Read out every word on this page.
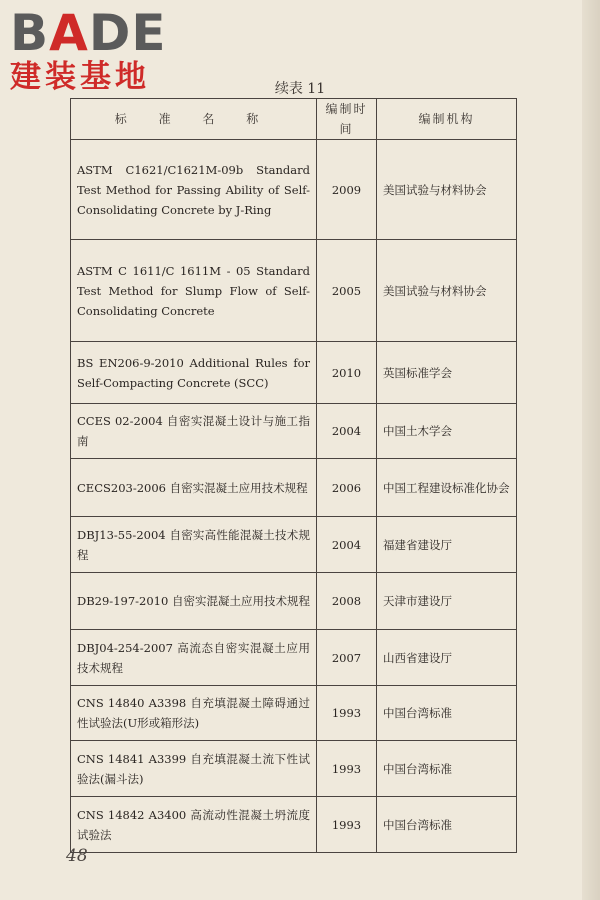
BADE
建装基地	续表 11
标 准 名 称	编制时间	编制机构
ASTM C1621/C1621M-09b Standard Test Method for Passing Ability of Self-Consolidating Concrete by J-Ring	2009	美国试验与材料协会
ASTM C 1611/C 1611M - 05 Standard Test Method for Slump Flow of Self-Consolidating Concrete	2005	美国试验与材料协会
BS EN206-9-2010 Additional Rules for Self-Compacting Concrete (SCC)	2010	英国标准学会
CCES 02-2004 自密实混凝土设计与施工指南	2004	中国土木学会
CECS203-2006 自密实混凝土应用技术规程	2006	中国工程建设标准化协会
DBJ13-55-2004 自密实高性能混凝土技术规程	2004	福建省建设厅
DB29-197-2010 自密实混凝土应用技术规程	2008	天津市建设厅
DBJ04-254-2007 高流态自密实混凝土应用技术规程	2007	山西省建设厅
CNS 14840 A3398 自充填混凝土障碍通过性试验法(U形或箱形法)	1993	中国台湾标准
CNS 14841 A3399 自充填混凝土流下性试验法(漏斗法)	1993	中国台湾标准
CNS 14842 A3400 高流动性混凝土坍流度试验法	1993	中国台湾标准
48
